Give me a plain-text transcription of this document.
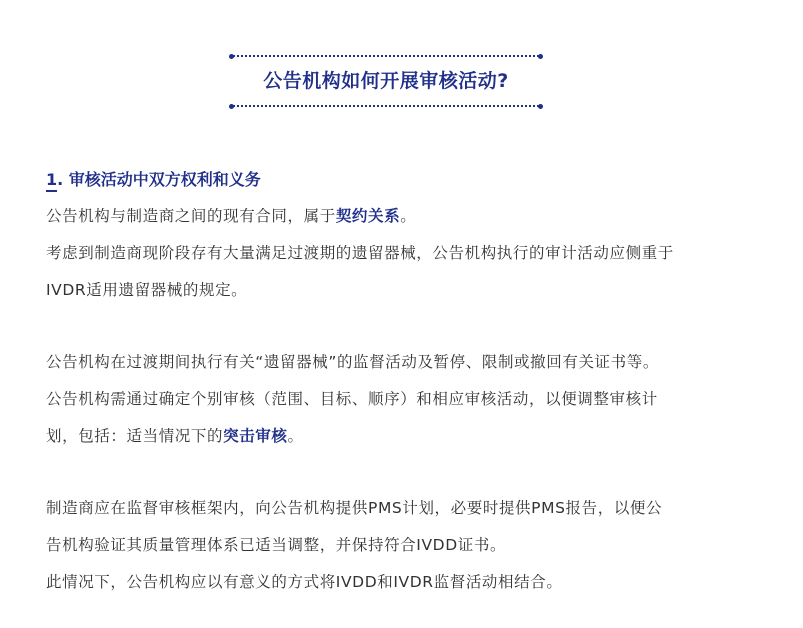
公告机构如何开展审核活动?
1. 审核活动中双方权利和义务
公告机构与制造商之间的现有合同，属于契约关系。
考虑到制造商现阶段存有大量满足过渡期的遗留器械，公告机构执行的审计活动应侧重于
IVDR适用遗留器械的规定。
公告机构在过渡期间执行有关“遗留器械”的监督活动及暂停、限制或撤回有关证书等。
公告机构需通过确定个别审核（范围、目标、顺序）和相应审核活动，以便调整审核计
划，包括：适当情况下的突击审核。
制造商应在监督审核框架内，向公告机构提供PMS计划，必要时提供PMS报告，以便公
告机构验证其质量管理体系已适当调整，并保持符合IVDD证书。
此情况下，公告机构应以有意义的方式将IVDD和IVDR监督活动相结合。
